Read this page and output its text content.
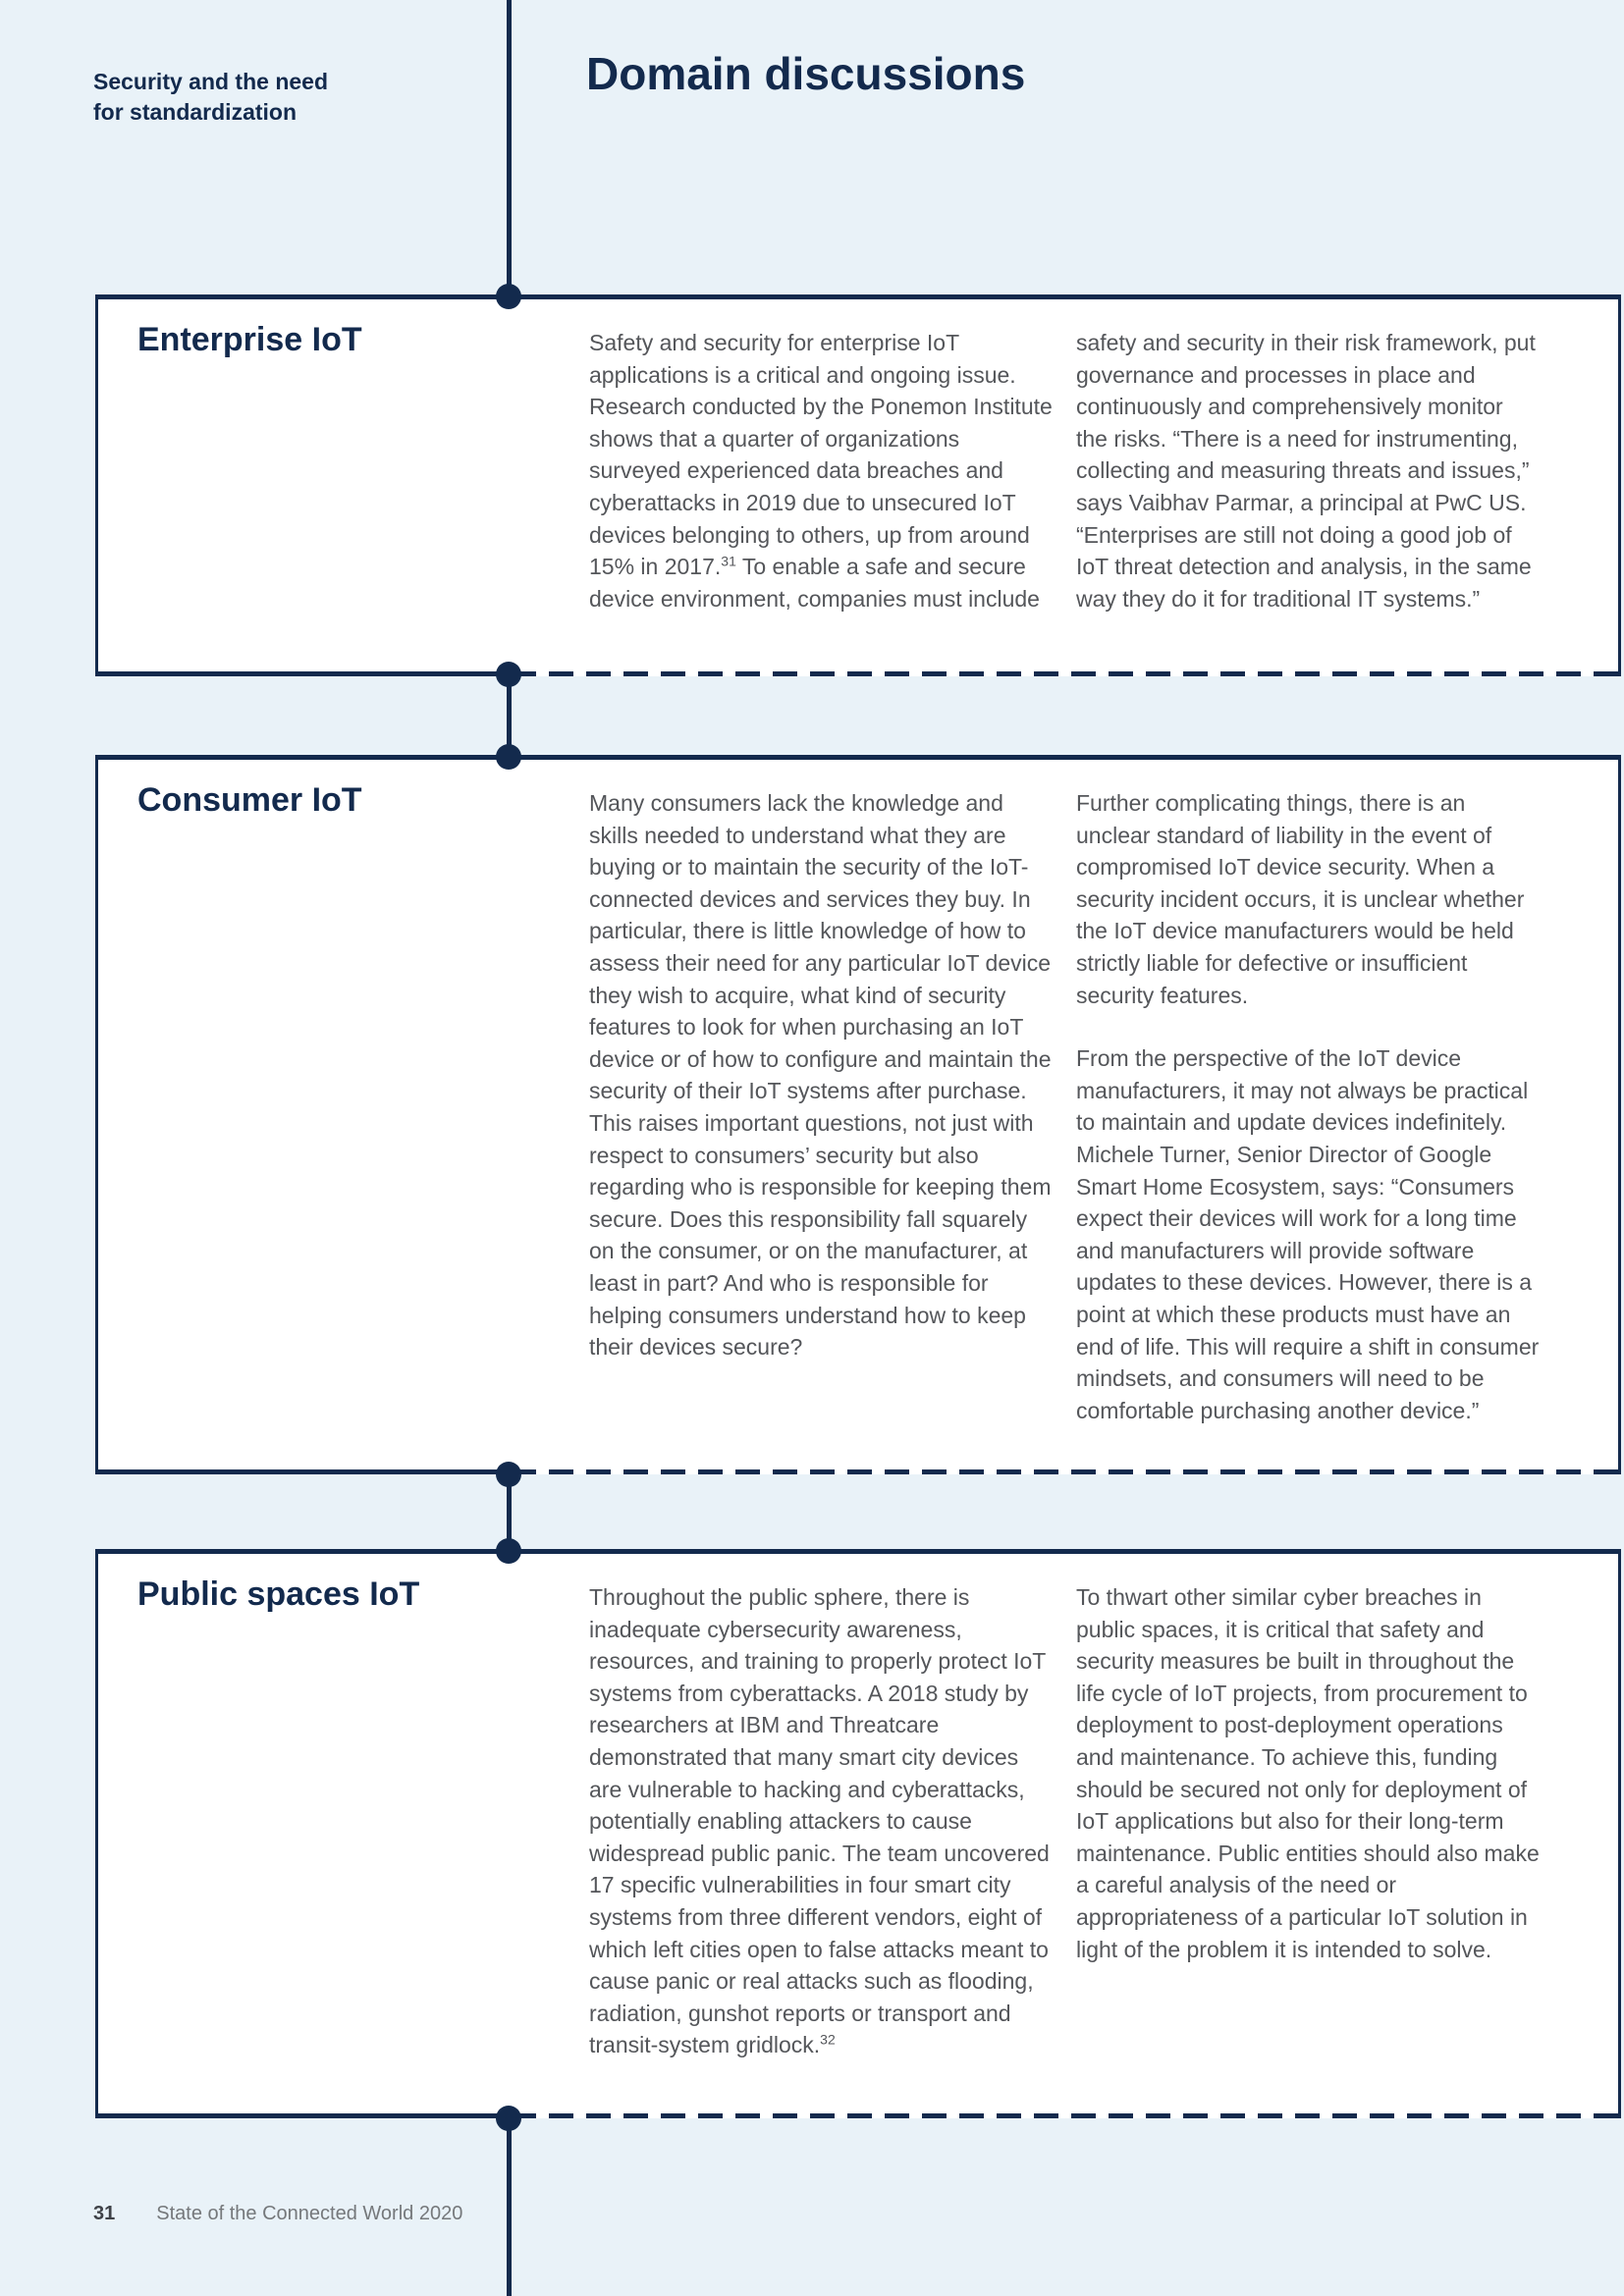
Security and the need
for standardization
Domain discussions
Enterprise IoT	Safety and security for enterprise IoT applications is a critical and ongoing issue. Research conducted by the Ponemon Institute shows that a quarter of organizations surveyed experienced data breaches and cyberattacks in 2019 due to unsecured IoT devices belonging to others, up from around 15% in 2017.31 To enable a safe and secure device environment, companies must include

safety and security in their risk framework, put governance and processes in place and continuously and comprehensively monitor the risks. “There is a need for instrumenting, collecting and measuring threats and issues,” says Vaibhav Parmar, a principal at PwC US. “Enterprises are still not doing a good job of IoT threat detection and analysis, in the same way they do it for traditional IT systems.”

Consumer IoT	Many consumers lack the knowledge and skills needed to understand what they are buying or to maintain the security of the IoT-connected devices and services they buy. In particular, there is little knowledge of how to assess their need for any particular IoT device they wish to acquire, what kind of security features to look for when purchasing an IoT device or of how to configure and maintain the security of their IoT systems after purchase. This raises important questions, not just with respect to consumers’ security but also regarding who is responsible for keeping them secure. Does this responsibility fall squarely on the consumer, or on the manufacturer, at least in part? And who is responsible for helping consumers understand how to keep their devices secure?

Further complicating things, there is an unclear standard of liability in the event of compromised IoT device security. When a security incident occurs, it is unclear whether the IoT device manufacturers would be held strictly liable for defective or insufficient security features.

From the perspective of the IoT device manufacturers, it may not always be practical to maintain and update devices indefinitely. Michele Turner, Senior Director of Google Smart Home Ecosystem, says: “Consumers expect their devices will work for a long time and manufacturers will provide software updates to these devices. However, there is a point at which these products must have an end of life. This will require a shift in consumer mindsets, and consumers will need to be comfortable purchasing another device.”

Public spaces IoT	Throughout the public sphere, there is inadequate cybersecurity awareness, resources, and training to properly protect IoT systems from cyberattacks. A 2018 study by researchers at IBM and Threatcare demonstrated that many smart city devices are vulnerable to hacking and cyberattacks, potentially enabling attackers to cause widespread public panic. The team uncovered 17 specific vulnerabilities in four smart city systems from three different vendors, eight of which left cities open to false attacks meant to cause panic or real attacks such as flooding, radiation, gunshot reports or transport and transit-system gridlock.$^{32}$

To thwart other similar cyber breaches in public spaces, it is critical that safety and security measures be built in throughout the life cycle of IoT projects, from procurement to deployment to post-deployment operations and maintenance. To achieve this, funding should be secured not only for deployment of IoT applications but also for their long-term maintenance. Public entities should also make a careful analysis of the need or appropriateness of a particular IoT solution in light of the problem it is intended to solve.

31 State of the Connected World 2020
